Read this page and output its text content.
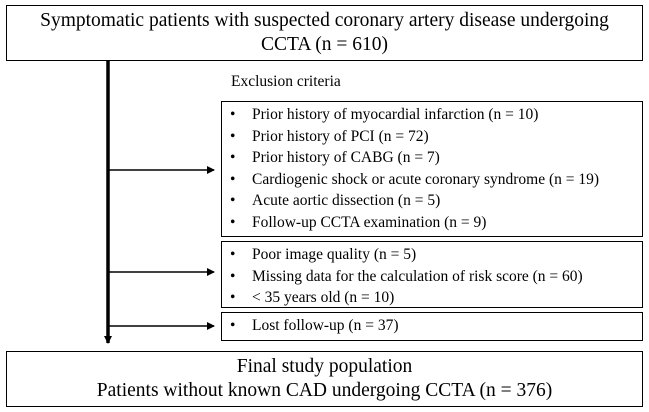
Symptomatic patients with suspected coronary artery disease undergoing
CCTA (n = 610)
Exclusion criteria
• Prior history of myocardial infarction (n = 10)
• Prior history of PCI (n = 72)
• Prior history of CABG (n = 7)
• Cardiogenic shock or acute coronary syndrome (n = 19)
• Acute aortic dissection (n = 5)
• Follow-up CCTA examination (n = 9)
• Poor image quality (n = 5)
• Missing data for the calculation of risk score (n = 60)
• < 35 years old (n = 10)
• Lost follow-up (n = 37)
Final study population
Patients without known CAD undergoing CCTA (n = 376)
